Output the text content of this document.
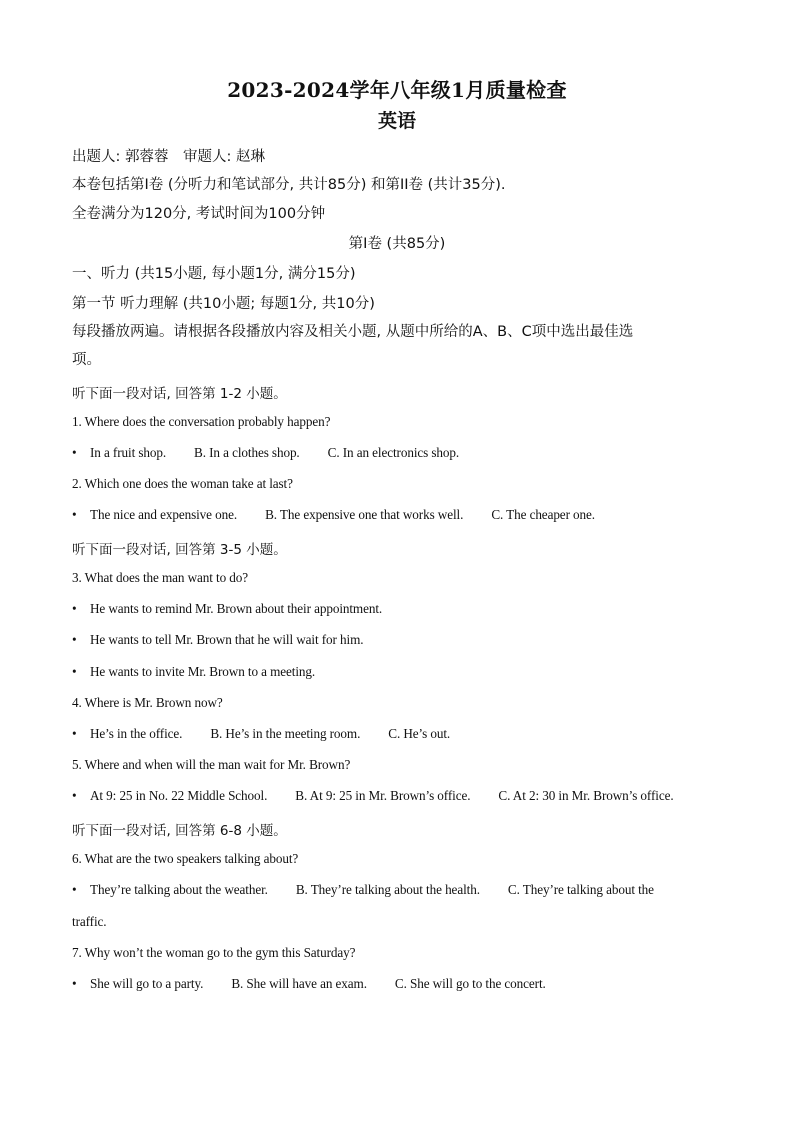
2023-2024学年八年级1月质量检查
英语
出题人: 郭蓉蓉　审题人: 赵琳
本卷包括第I卷 (分听力和笔试部分, 共计85分) 和第II卷 (共计35分).
全卷满分为120分, 考试时间为100分钟
第I卷 (共85分)
一、听力 (共15小题, 每小题1分, 满分15分)
第一节 听力理解 (共10小题; 每题1分, 共10分)
每段播放两遍。请根据各段播放内容及相关小题, 从题中所给的A、B、C项中选出最佳选
项。
听下面一段对话, 回答第 1-2 小题。
1. Where does the conversation probably happen?
• In a fruit shop. B. In a clothes shop. C. In an electronics shop.
2. Which one does the woman take at last?
• The nice and expensive one. B. The expensive one that works well. C. The cheaper one.
听下面一段对话, 回答第 3-5 小题。
3. What does the man want to do?
• He wants to remind Mr. Brown about their appointment.
• He wants to tell Mr. Brown that he will wait for him.
• He wants to invite Mr. Brown to a meeting.
4. Where is Mr. Brown now?
• He’s in the office. B. He’s in the meeting room. C. He’s out.
5. Where and when will the man wait for Mr. Brown?
• At 9: 25 in No. 22 Middle School. B. At 9: 25 in Mr. Brown’s office. C. At 2: 30 in Mr. Brown’s office.
听下面一段对话, 回答第 6-8 小题。
6. What are the two speakers talking about?
• They’re talking about the weather. B. They’re talking about the health. C. They’re talking about the
traffic.
7. Why won’t the woman go to the gym this Saturday?
• She will go to a party. B. She will have an exam. C. She will go to the concert.
